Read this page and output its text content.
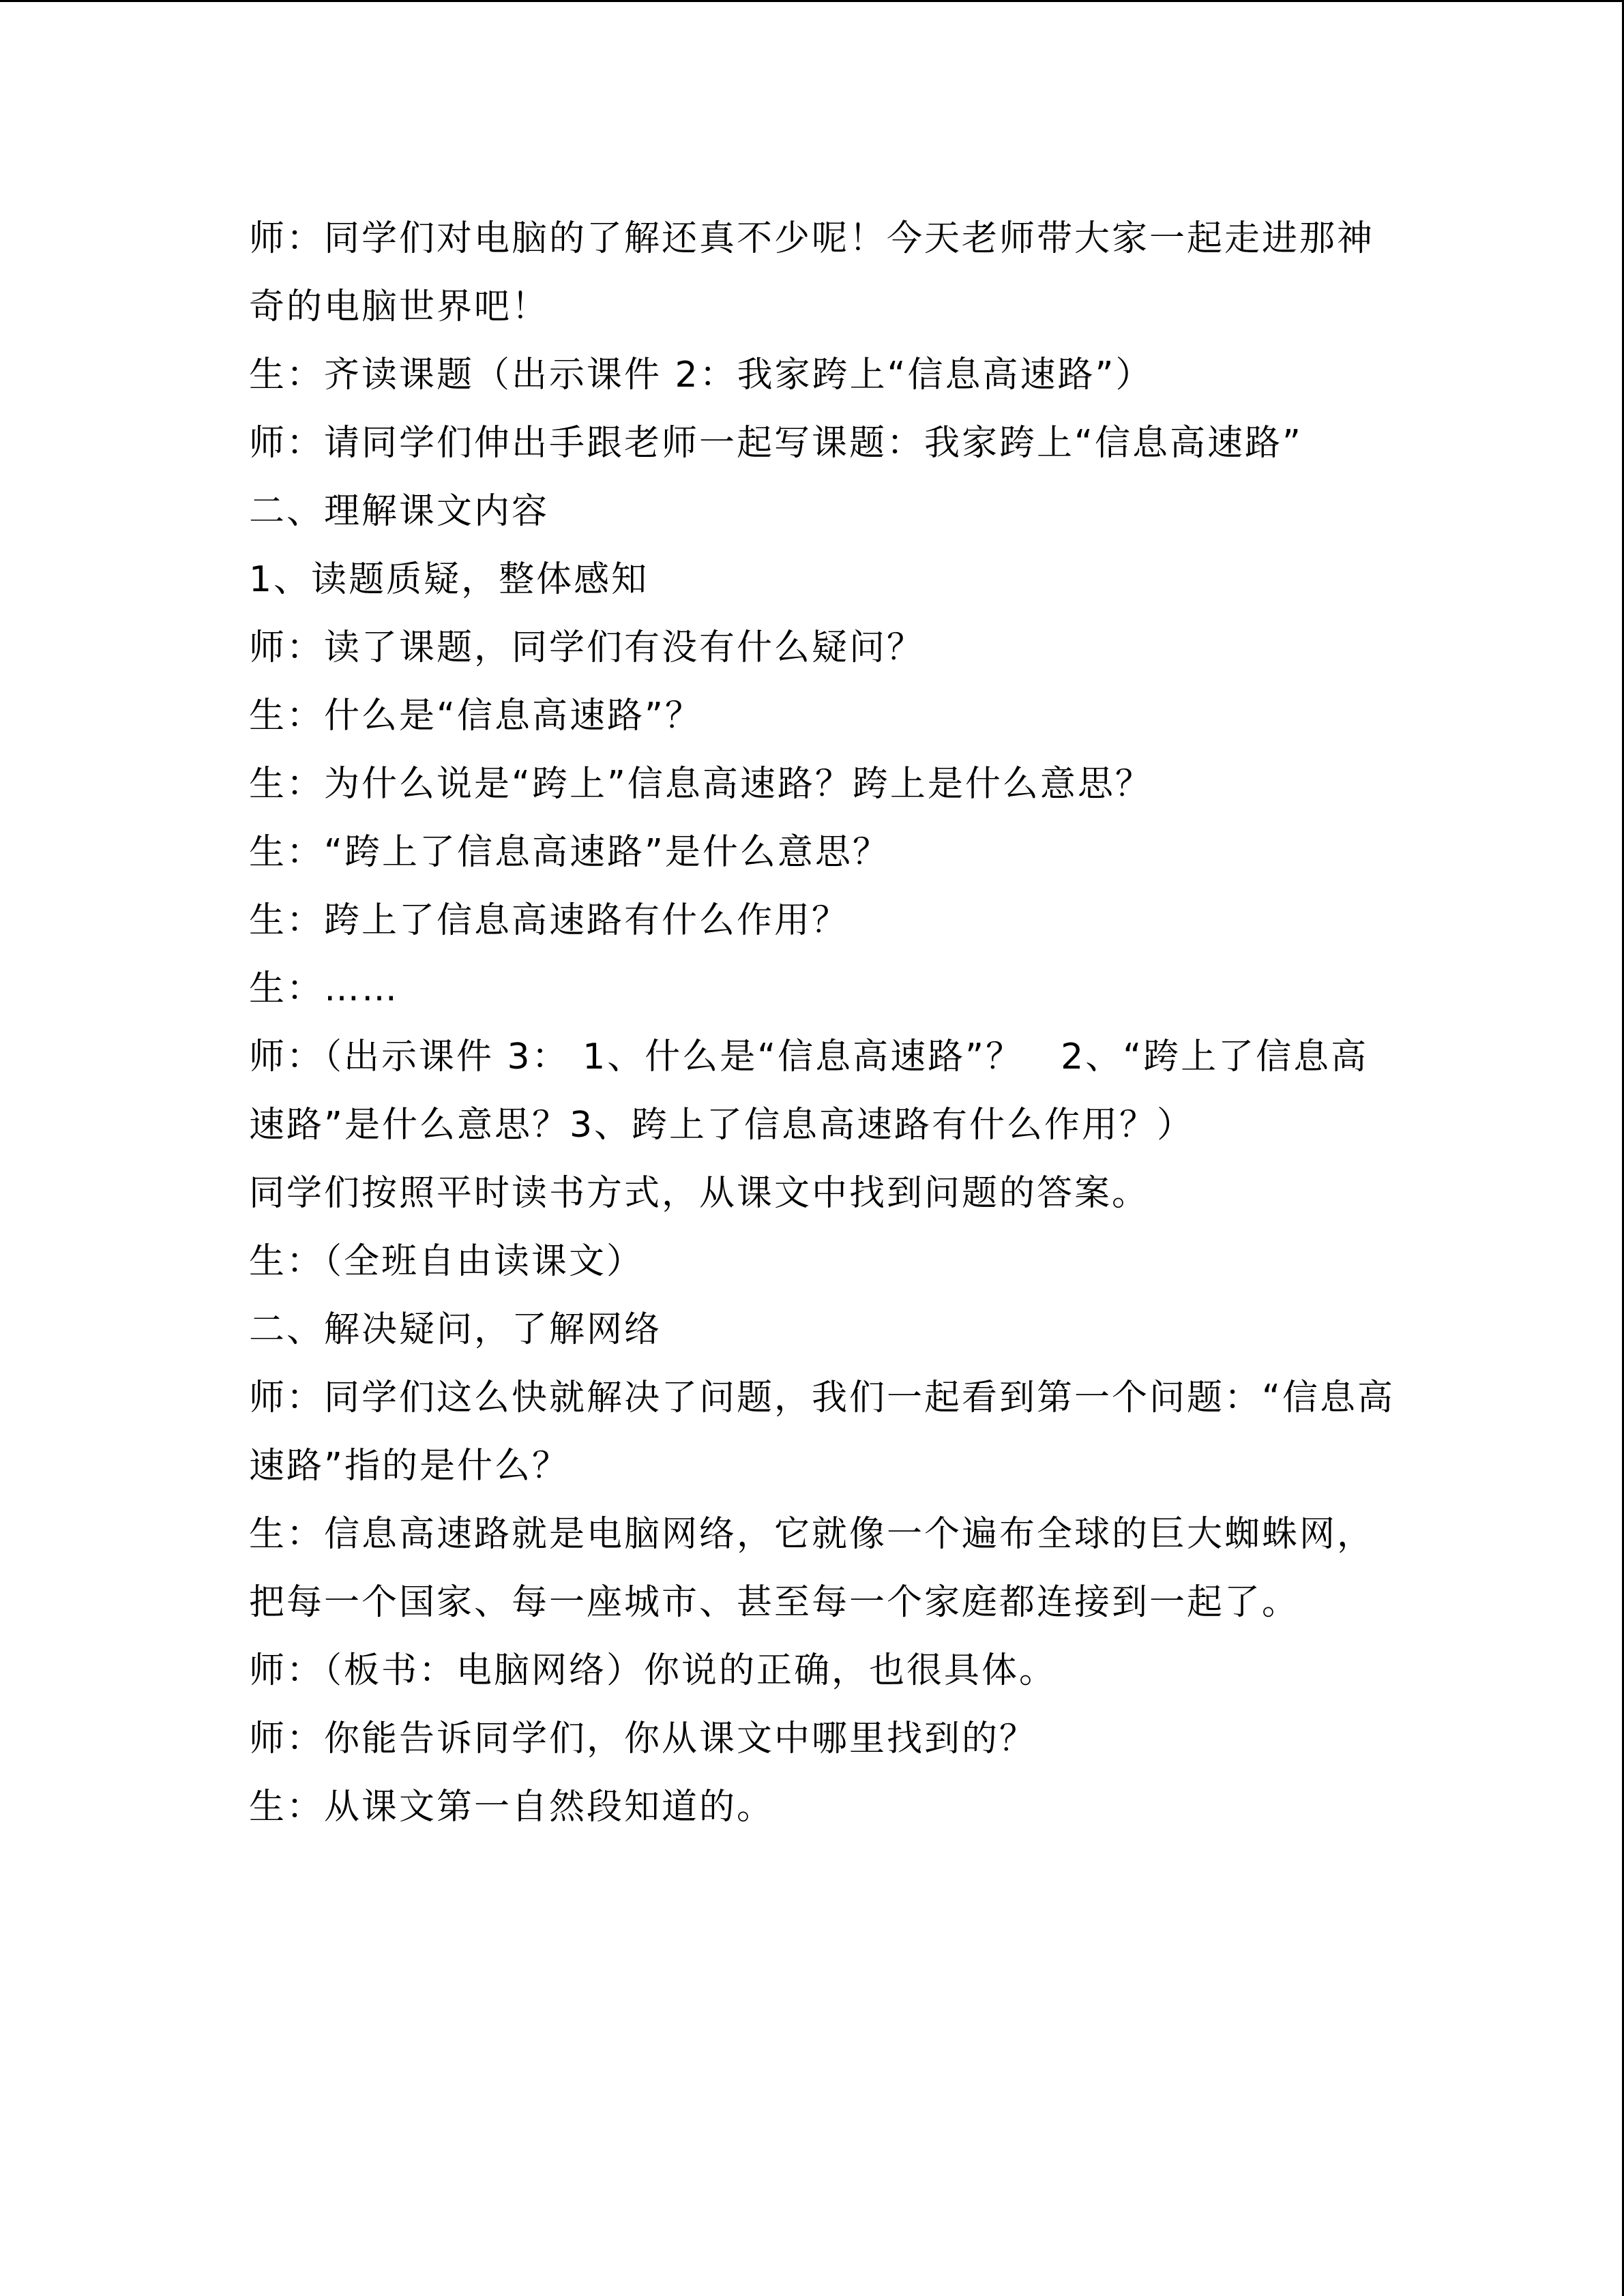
师：同学们对电脑的了解还真不少呢！今天老师带大家一起走进那神奇的电脑世界吧！

生：齐读课题（出示课件 2：我家跨上“信息高速路”）

师：请同学们伸出手跟老师一起写课题：我家跨上“信息高速路”

二、理解课文内容

1、读题质疑，整体感知

师：读了课题，同学们有没有什么疑问？

生：什么是“信息高速路”？

生：为什么说是“跨上”信息高速路？跨上是什么意思？

生：“跨上了信息高速路”是什么意思？

生：跨上了信息高速路有什么作用？

生：……

师：（出示课件 3： 1、什么是“信息高速路”？　2、“跨上了信息高速路”是什么意思？3、跨上了信息高速路有什么作用？）

同学们按照平时读书方式，从课文中找到问题的答案。

生：（全班自由读课文）

二、解决疑问，了解网络

师：同学们这么快就解决了问题，我们一起看到第一个问题：“信息高速路”指的是什么？

生：信息高速路就是电脑网络，它就像一个遍布全球的巨大蜘蛛网，把每一个国家、每一座城市、甚至每一个家庭都连接到一起了。

师：（板书：电脑网络）你说的正确，也很具体。

师：你能告诉同学们，你从课文中哪里找到的？

生：从课文第一自然段知道的。
